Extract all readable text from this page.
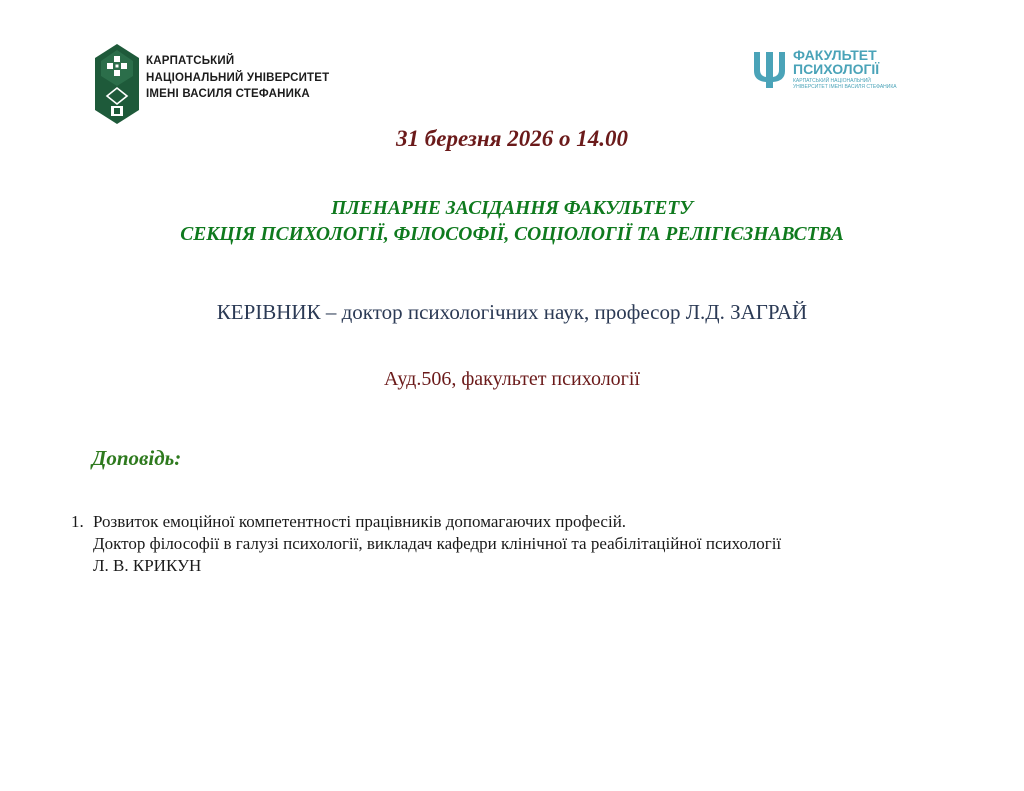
КАРПАТСЬКИЙ
НАЦІОНАЛЬНИЙ УНІВЕРСИТЕТ
ІМЕНІ ВАСИЛЯ СТЕФАНИКА
ФАКУЛЬТЕТ
ПСИХОЛОГІЇ
КАРПАТСЬКИЙ НАЦІОНАЛЬНИЙ
УНІВЕРСИТЕТ ІМЕНІ ВАСИЛЯ СТЕФАНИКА
31 березня 2026 о 14.00
ПЛЕНАРНЕ ЗАСІДАННЯ ФАКУЛЬТЕТУ
СЕКЦІЯ ПСИХОЛОГІЇ, ФІЛОСОФІЇ, СОЦІОЛОГІЇ ТА РЕЛІГІЄЗНАВСТВА
КЕРІВНИК – доктор психологічних наук, професор Л.Д. ЗАГРАЙ
Ауд.506, факультет психології
Доповідь:
1. Розвиток емоційної компетентності працівників допомагаючих професій.
Доктор філософії в галузі психології, викладач кафедри клінічної та реабілітаційної психології
Л. В. КРИКУН
